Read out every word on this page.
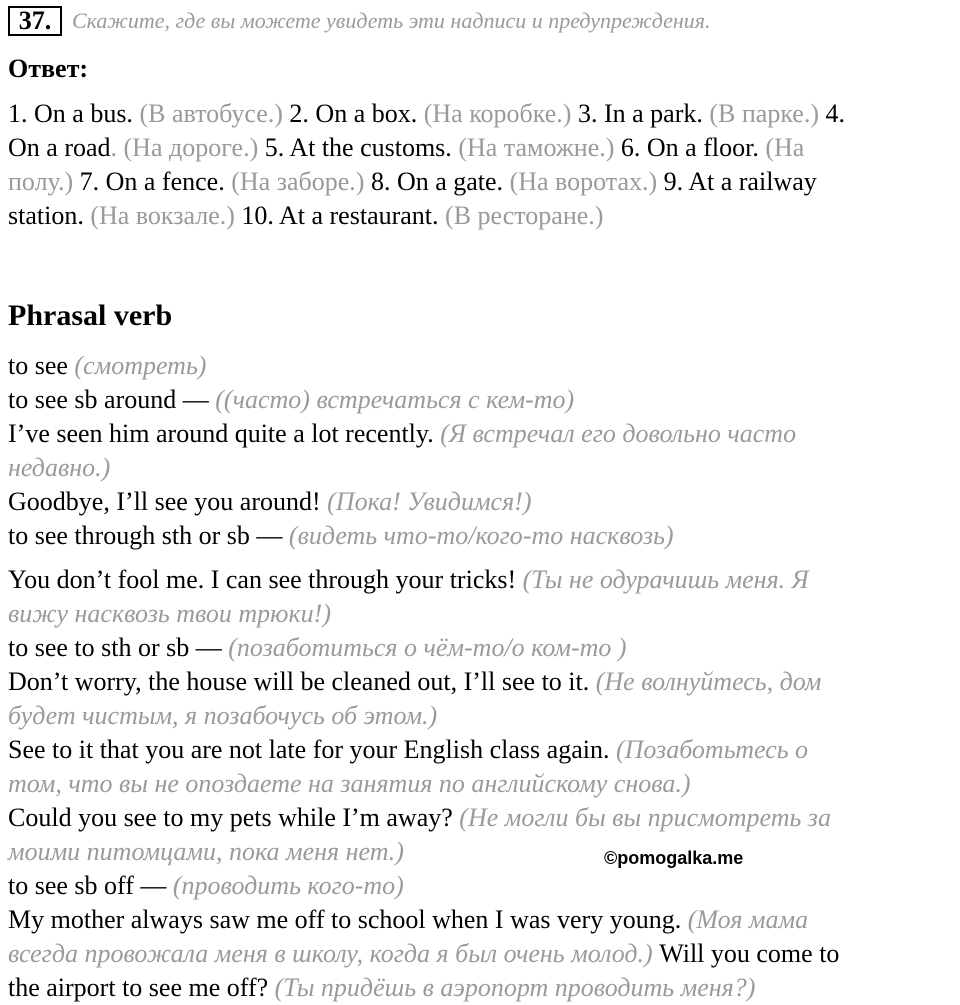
37. Скажите, где вы можете увидеть эти надписи и предупреждения.
Ответ:
1. On a bus. (В автобусе.) 2. On a box. (На коробке.) 3. In a park. (В парке.) 4.
On a road. (На дороге.) 5. At the customs. (На таможне.) 6. On a floor. (На
полу.) 7. On a fence. (На заборе.) 8. On a gate. (На воротах.) 9. At a railway
station. (На вокзале.) 10. At a restaurant. (В ресторане.)
Phrasal verb
to see (смотреть)
to see sb around — ((часто) встречаться с кем-то)
I’ve seen him around quite a lot recently. (Я встречал его довольно часто
недавно.)
Goodbye, I’ll see you around! (Пока! Увидимся!)
to see through sth or sb — (видеть что-то/кого-то насквозь)
You don’t fool me. I can see through your tricks! (Ты не одурачишь меня. Я
вижу насквозь твои трюки!)
to see to sth or sb — (позаботиться о чём-то/о ком-то )
Don’t worry, the house will be cleaned out, I’ll see to it. (Не волнуйтесь, дом
будет чистым, я позабочусь об этом.)
See to it that you are not late for your English class again. (Позаботьтесь о
том, что вы не опоздаете на занятия по английскому снова.)
Could you see to my pets while I’m away? (Не могли бы вы присмотреть за
моими питомцами, пока меня нет.)
to see sb off — (проводить кого-то)
My mother always saw me off to school when I was very young. (Моя мама
всегда провожала меня в школу, когда я был очень молод.) Will you come to
the airport to see me off? (Ты придёшь в аэропорт проводить меня?)
©pomogalka.me
